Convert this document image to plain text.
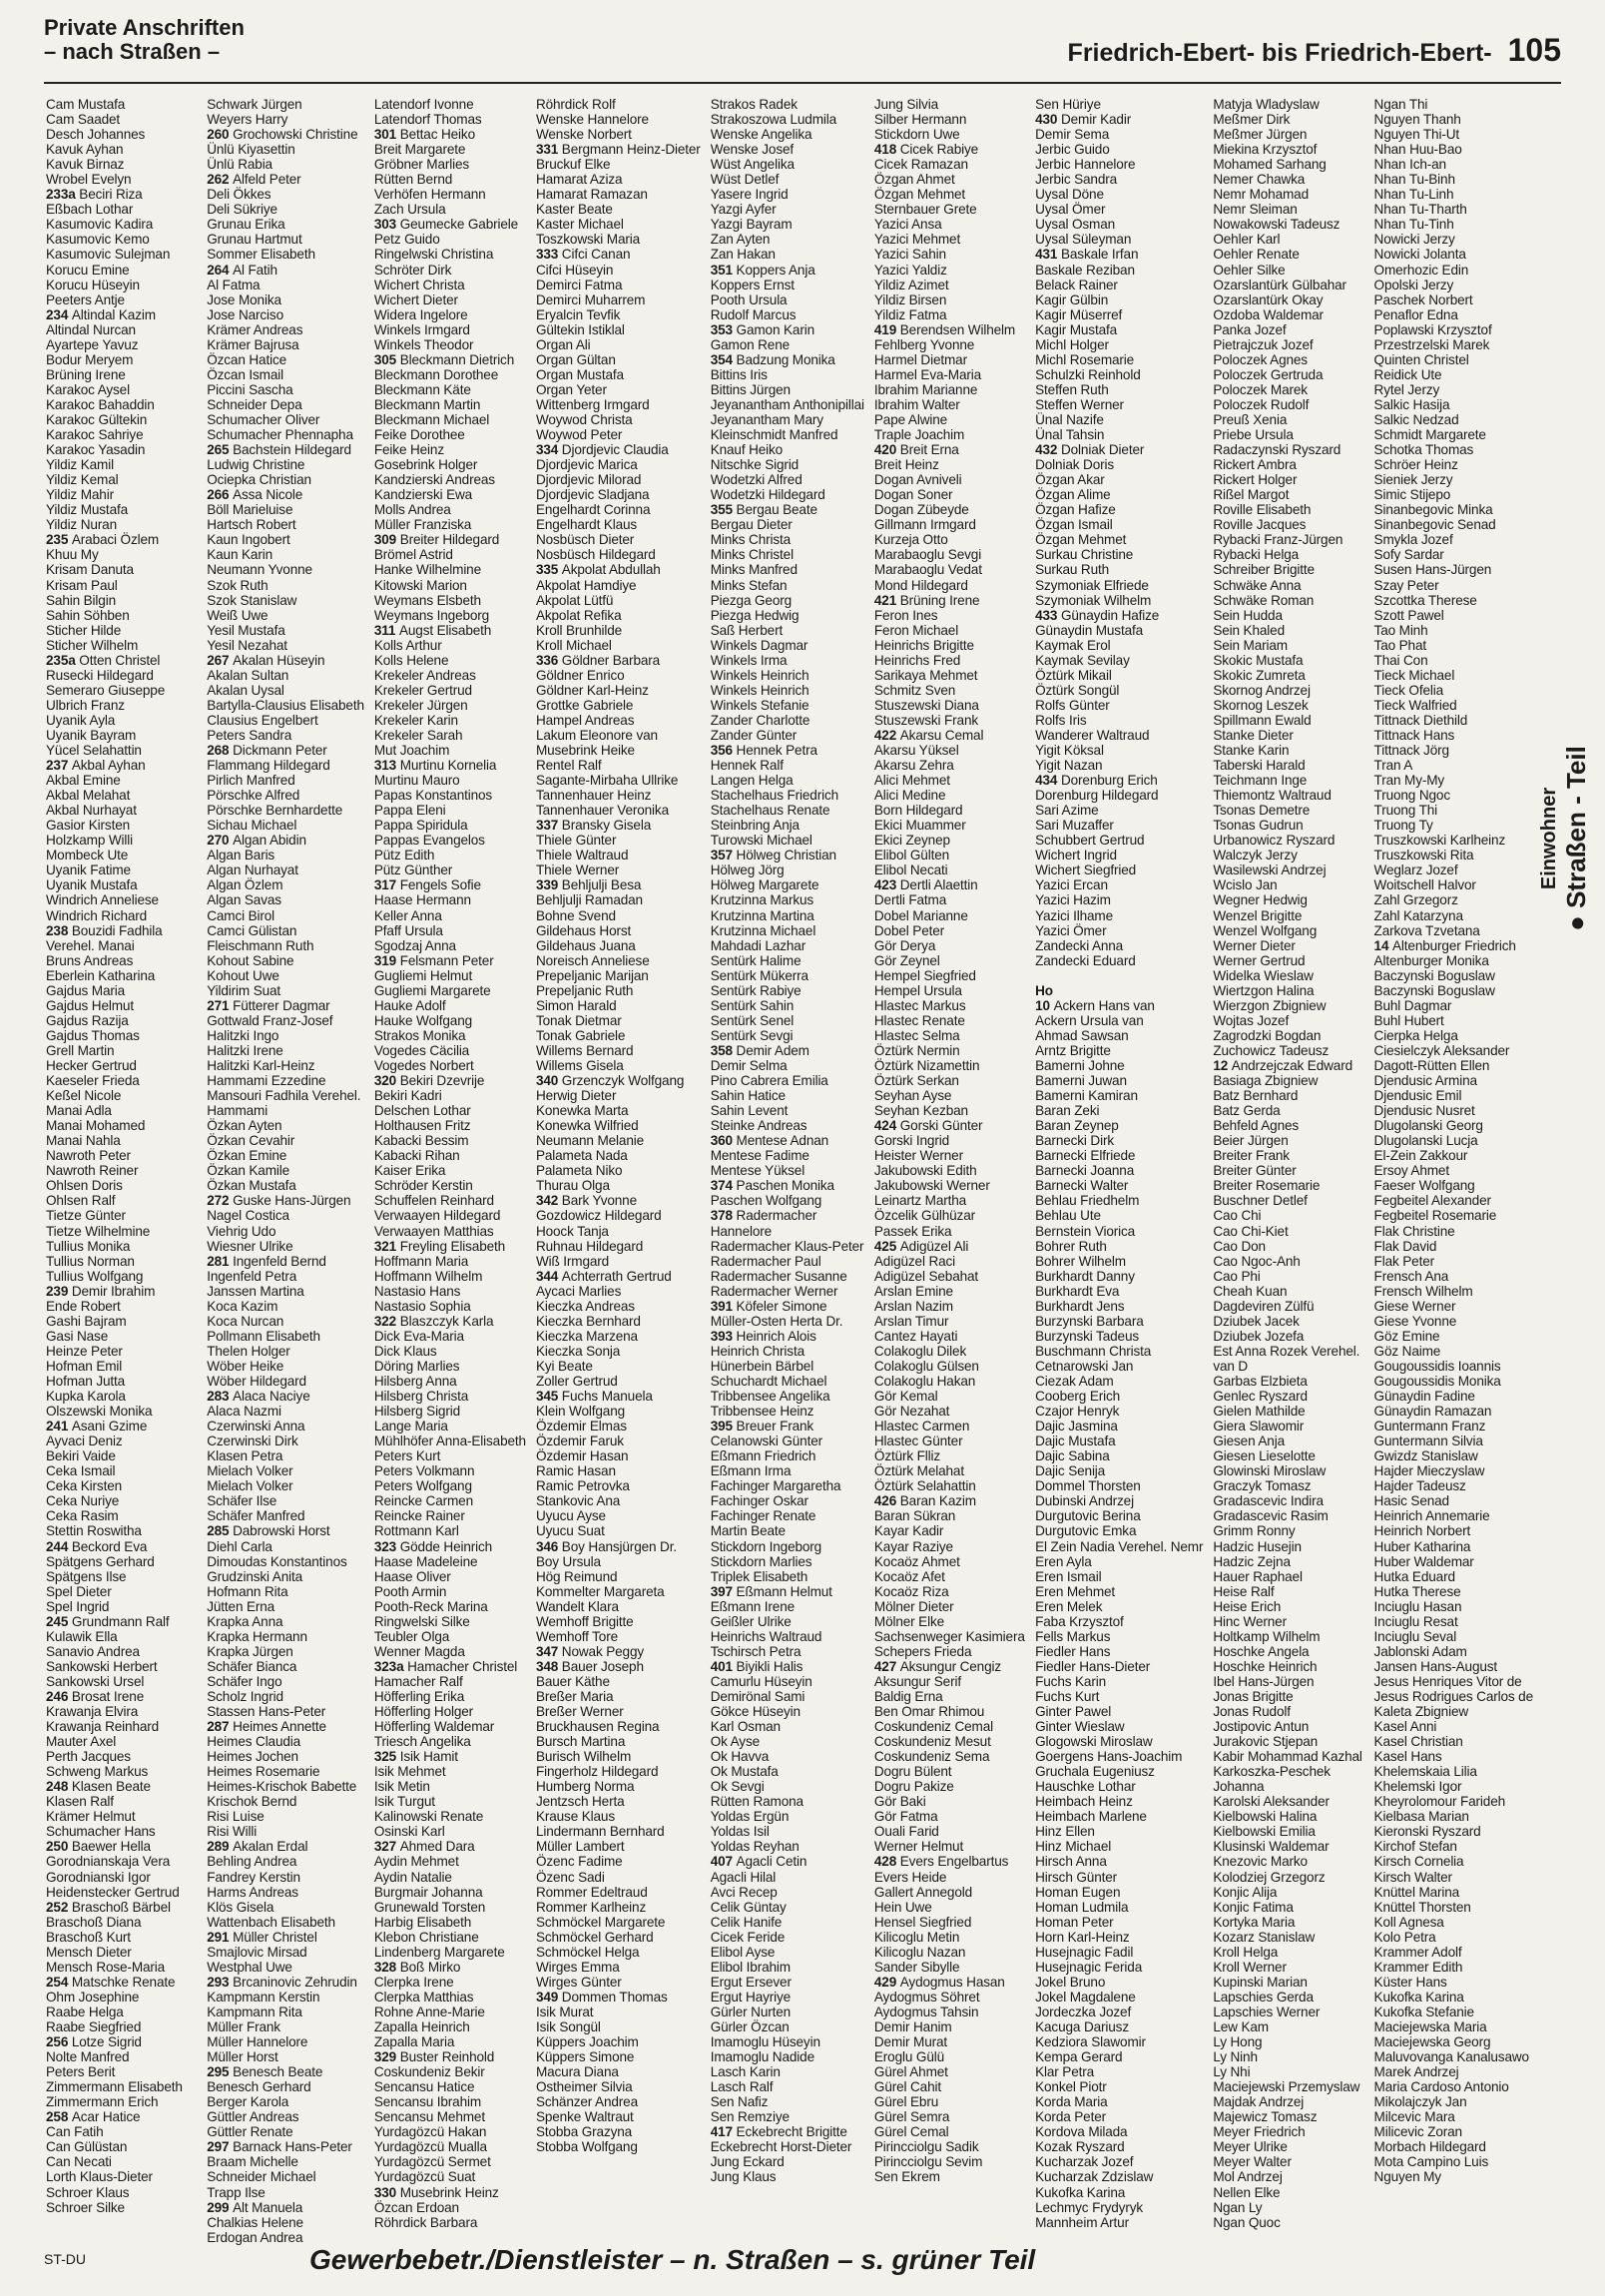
Private Anschriften
– nach Straßen –	Friedrich-Ebert- bis Friedrich-Ebert- 105
Cam Mustafa
Cam Saadet
Desch Johannes
Kavuk Ayhan
Kavuk Birnaz
Wrobel Evelyn
233a Beciri Riza
Eßbach Lothar
Kasumovic Kadira
Kasumovic Kemo
Kasumovic Sulejman
Korucu Emine
Korucu Hüseyin
Peeters Antje
234 Altindal Kazim
Altindal Nurcan
Ayartepe Yavuz
Bodur Meryem
Brüning Irene
Karakoc Aysel
Karakoc Bahaddin
Karakoc Gültekin
Karakoc Sahriye
Karakoc Yasadin
Yildiz Kamil
Yildiz Kemal
Yildiz Mahir
Yildiz Mustafa
Yildiz Nuran
235 Arabaci Özlem
Khuu My
Krisam Danuta
Krisam Paul
Sahin Bilgin
Sahin Söhben
Sticher Hilde
Sticher Wilhelm
235a Otten Christel
Rusecki Hildegard
Semeraro Giuseppe
Ulbrich Franz
Uyanik Ayla
Uyanik Bayram
Yücel Selahattin
237 Akbal Ayhan
Akbal Emine
Akbal Melahat
Akbal Nurhayat
Gasior Kirsten
Holzkamp Willi
Mombeck Ute
Uyanik Fatime
Uyanik Mustafa
Windrich Anneliese
Windrich Richard
238 Bouzidi Fadhila
Verehel. Manai
Bruns Andreas
Eberlein Katharina
Gajdus Maria
Gajdus Helmut
Gajdus Razija
Gajdus Thomas
Grell Martin
Hecker Gertrud
Kaeseler Frieda
Keßel Nicole
Manai Adla
Manai Mohamed
Manai Nahla
Nawroth Peter
Nawroth Reiner
Ohlsen Doris
Ohlsen Ralf
Tietze Günter
Tietze Wilhelmine
Tullius Monika
Tullius Norman
Tullius Wolfgang
239 Demir Ibrahim
Ende Robert
Gashi Bajram
Gasi Nase
Heinze Peter
Hofman Emil
Hofman Jutta
Kupka Karola
Olszewski Monika
241 Asani Gzime
Ayvaci Deniz
Bekiri Vaide
Ceka Ismail
Ceka Kirsten
Ceka Nuriye
Ceka Rasim
Stettin Roswitha
244 Beckord Eva
Spätgens Gerhard
Spätgens Ilse
Spel Dieter
Spel Ingrid
245 Grundmann Ralf
Kulawik Ella
Sanavio Andrea
Sankowski Herbert
Sankowski Ursel
246 Brosat Irene
Krawanja Elvira
Krawanja Reinhard
Mauter Axel
Perth Jacques
Schweng Markus
248 Klasen Beate
Klasen Ralf
Krämer Helmut
Schumacher Hans
250 Baewer Hella
Gorodnianskaja Vera
Gorodnianski Igor
Heidenstecker Gertrud
252 Braschoß Bärbel
Braschoß Diana
Braschoß Kurt
Mensch Dieter
Mensch Rose-Maria
254 Matschke Renate
Ohm Josephine
Raabe Helga
Raabe Siegfried
256 Lotze Sigrid
Nolte Manfred
Peters Berit
Zimmermann Elisabeth
Zimmermann Erich
258 Acar Hatice
Can Fatih
Can Gülüstan
Can Necati
Lorth Klaus-Dieter
Schroer Klaus
Schroer Silke
Schwark Jürgen
Weyers Harry
260 Grochowski Christine
Ünlü Kiyasettin
Ünlü Rabia
262 Alfeld Peter
Deli Ökkes
Deli Sükriye
Grunau Erika
Grunau Hartmut
Sommer Elisabeth
264 Al Fatih
Al Fatma
Jose Monika
Jose Narciso
Krämer Andreas
Krämer Bajrusa
Özcan Hatice
Özcan Ismail
Piccini Sascha
Schneider Depa
Schumacher Oliver
Schumacher Phennapha
265 Bachstein Hildegard
Ludwig Christine
Ociepka Christian
266 Assa Nicole
Böll Marieluise
Hartsch Robert
Kaun Ingobert
Kaun Karin
Neumann Yvonne
Szok Ruth
Szok Stanislaw
Weiß Uwe
Yesil Mustafa
Yesil Nezahat
267 Akalan Hüseyin
Akalan Sultan
Akalan Uysal
Bartylla-Clausius Elisabeth
Clausius Engelbert
Peters Sandra
268 Dickmann Peter
Flammang Hildegard
Pirlich Manfred
Pörschke Alfred
Pörschke Bernhardette
Sichau Michael
270 Algan Abidin
Algan Baris
Algan Nurhayat
Algan Özlem
Algan Savas
Camci Birol
Camci Gülistan
Fleischmann Ruth
Kohout Sabine
Kohout Uwe
Yildirim Suat
271 Fütterer Dagmar
Gottwald Franz-Josef
Halitzki Ingo
Halitzki Irene
Halitzki Karl-Heinz
Hammami Ezzedine
Mansouri Fadhila Verehel.
Hammami
Özkan Ayten
Özkan Cevahir
Özkan Emine
Özkan Kamile
Özkan Mustafa
272 Guske Hans-Jürgen
Nagel Costica
Viehrig Udo
Wiesner Ulrike
281 Ingenfeld Bernd
Ingenfeld Petra
Janssen Martina
Koca Kazim
Koca Nurcan
Pollmann Elisabeth
Thelen Holger
Wöber Heike
Wöber Hildegard
283 Alaca Naciye
Alaca Nazmi
Czerwinski Anna
Czerwinski Dirk
Klasen Petra
Mielach Volker
Mielach Volker
Schäfer Ilse
Schäfer Manfred
285 Dabrowski Horst
Diehl Carla
Dimoudas Konstantinos
Grudzinski Anita
Hofmann Rita
Jütten Erna
Krapka Anna
Krapka Hermann
Krapka Jürgen
Schäfer Bianca
Schäfer Ingo
Scholz Ingrid
Stassen Hans-Peter
287 Heimes Annette
Heimes Claudia
Heimes Jochen
Heimes Rosemarie
Heimes-Krischok Babette
Krischok Bernd
Risi Luise
Risi Willi
289 Akalan Erdal
Behling Andrea
Fandrey Kerstin
Harms Andreas
Klös Gisela
Wattenbach Elisabeth
291 Müller Christel
Smajlovic Mirsad
Westphal Uwe
293 Brcaninovic Zehrudin
Kampmann Kerstin
Kampmann Rita
Müller Frank
Müller Hannelore
Müller Horst
295 Benesch Beate
Benesch Gerhard
Berger Karola
Güttler Andreas
Güttler Renate
297 Barnack Hans-Peter
Braam Michelle
Schneider Michael
Trapp Ilse
299 Alt Manuela
Chalkias Helene
Erdogan Andrea
Latendorf Ivonne
Latendorf Thomas
301 Bettac Heiko
Breit Margarete
Gröbner Marlies
Rütten Bernd
Verhöfen Hermann
Zach Ursula
303 Geumecke Gabriele
Petz Guido
Ringelwski Christina
Schröter Dirk
Wichert Christa
Wichert Dieter
Widera Ingelore
Winkels Irmgard
Winkels Theodor
305 Bleckmann Dietrich
Bleckmann Dorothee
Bleckmann Käte
Bleckmann Martin
Bleckmann Michael
Feike Dorothee
Feike Heinz
Gosebrink Holger
Kandzierski Andreas
Kandzierski Ewa
Molls Andrea
Müller Franziska
309 Breiter Hildegard
Brömel Astrid
Hanke Wilhelmine
Kitowski Marion
Weymans Elsbeth
Weymans Ingeborg
311 Augst Elisabeth
Kolls Arthur
Kolls Helene
Krekeler Andreas
Krekeler Gertrud
Krekeler Jürgen
Krekeler Karin
Krekeler Sarah
Mut Joachim
313 Murtinu Kornelia
Murtinu Mauro
Papas Konstantinos
Pappa Eleni
Pappa Spiridula
Pappas Evangelos
Pütz Edith
Pütz Günther
317 Fengels Sofie
Haase Hermann
Keller Anna
Pfaff Ursula
Sgodzaj Anna
319 Felsmann Peter
Gugliemi Helmut
Gugliemi Margarete
Hauke Adolf
Hauke Wolfgang
Strakos Monika
Vogedes Cäcilia
Vogedes Norbert
320 Bekiri Dzevrije
Bekiri Kadri
Delschen Lothar
Holthausen Fritz
Kabacki Bessim
Kabacki Rihan
Kaiser Erika
Schröder Kerstin
Schuffelen Reinhard
Verwaayen Hildegard
Verwaayen Matthias
321 Freyling Elisabeth
Hoffmann Maria
Hoffmann Wilhelm
Nastasio Hans
Nastasio Sophia
322 Blaszczyk Karla
Dick Eva-Maria
Dick Klaus
Döring Marlies
Hilsberg Anna
Hilsberg Christa
Hilsberg Sigrid
Lange Maria
Mühlhöfer Anna-Elisabeth
Peters Kurt
Peters Volkmann
Peters Wolfgang
Reincke Carmen
Reincke Rainer
Rottmann Karl
323 Gödde Heinrich
Haase Madeleine
Haase Oliver
Pooth Armin
Pooth-Reck Marina
Ringwelski Silke
Teubler Olga
Wenner Magda
323a Hamacher Christel
Hamacher Ralf
Höfferling Erika
Höfferling Holger
Höfferling Waldemar
Triesch Angelika
325 Isik Hamit
Isik Mehmet
Isik Metin
Isik Turgut
Kalinowski Renate
Osinski Karl
327 Ahmed Dara
Aydin Mehmet
Aydin Natalie
Burgmair Johanna
Grunewald Torsten
Harbig Elisabeth
Klebon Christiane
Lindenberg Margarete
328 Boß Mirko
Clerpka Irene
Clerpka Matthias
Rohne Anne-Marie
Zapalla Heinrich
Zapalla Maria
329 Buster Reinhold
Coskundeniz Bekir
Sencansu Hatice
Sencansu Ibrahim
Sencansu Mehmet
Yurdagözcü Hakan
Yurdagözcü Mualla
Yurdagözcü Sermet
Yurdagözcü Suat
330 Musebrink Heinz
Özcan Erdoan
Röhrdick Barbara
Röhrdick Rolf
Wenske Hannelore
Wenske Norbert
331 Bergmann Heinz-Dieter
Bruckuf Elke
Hamarat Aziza
Hamarat Ramazan
Kaster Beate
Kaster Michael
Toszkowski Maria
333 Cifci Canan
Cifci Hüseyin
Demirci Fatma
Demirci Muharrem
Eryalcin Tevfik
Gültekin Istiklal
Organ Ali
Organ Gültan
Organ Mustafa
Organ Yeter
Wittenberg Irmgard
Woywod Christa
Woywod Peter
334 Djordjevic Claudia
Djordjevic Marica
Djordjevic Milorad
Djordjevic Sladjana
Engelhardt Corinna
Engelhardt Klaus
Nosbüsch Dieter
Nosbüsch Hildegard
335 Akpolat Abdullah
Akpolat Hamdiye
Akpolat Lütfü
Akpolat Refika
Kroll Brunhilde
Kroll Michael
336 Göldner Barbara
Göldner Enrico
Göldner Karl-Heinz
Grottke Gabriele
Hampel Andreas
Lakum Eleonore van
Musebrink Heike
Rentel Ralf
Sagante-Mirbaha Ullrike
Tannenhauer Heinz
Tannenhauer Veronika
337 Bransky Gisela
Thiele Günter
Thiele Waltraud
Thiele Werner
339 Behljulji Besa
Behljulji Ramadan
Bohne Svend
Gildehaus Horst
Gildehaus Juana
Noreisch Anneliese
Prepeljanic Marijan
Prepeljanic Ruth
Simon Harald
Tonak Dietmar
Tonak Gabriele
Willems Bernard
Willems Gisela
340 Grzenczyk Wolfgang
Herwig Dieter
Konewka Marta
Konewka Wilfried
Neumann Melanie
Palameta Nada
Palameta Niko
Thurau Olga
342 Bark Yvonne
Gozdowicz Hildegard
Hoock Tanja
Ruhnau Hildegard
Wiß Irmgard
344 Achterrath Gertrud
Aycaci Marlies
Kieczka Andreas
Kieczka Bernhard
Kieczka Marzena
Kieczka Sonja
Kyi Beate
Zoller Gertrud
345 Fuchs Manuela
Klein Wolfgang
Özdemir Elmas
Özdemir Faruk
Özdemir Hasan
Ramic Hasan
Ramic Petrovka
Stankovic Ana
Uyucu Ayse
Uyucu Suat
346 Boy Hansjürgen Dr.
Boy Ursula
Hög Reimund
Kommelter Margareta
Wandelt Klara
Wemhoff Brigitte
Wemhoff Tore
347 Nowak Peggy
348 Bauer Joseph
Bauer Käthe
Breßer Maria
Breßer Werner
Bruckhausen Regina
Bursch Martina
Burisch Wilhelm
Fingerholz Hildegard
Humberg Norma
Jentzsch Herta
Krause Klaus
Lindermann Bernhard
Müller Lambert
Özenc Fadime
Özenc Sadi
Rommer Edeltraud
Rommer Karlheinz
Schmöckel Margarete
Schmöckel Gerhard
Schmöckel Helga
Wirges Emma
Wirges Günter
349 Dommen Thomas
Isik Murat
Isik Songül
Küppers Joachim
Küppers Simone
Macura Diana
Ostheimer Silvia
Schänzer Andrea
Spenke Waltraut
Stobba Grazyna
Stobba Wolfgang
Strakos Radek
Strakoszowa Ludmila
Wenske Angelika
Wenske Josef
Wüst Angelika
Wüst Detlef
Yasere Ingrid
Yazgi Ayfer
Yazgi Bayram
Zan Ayten
Zan Hakan
351 Koppers Anja
Koppers Ernst
Pooth Ursula
Rudolf Marcus
353 Gamon Karin
Gamon Rene
354 Badzung Monika
Bittins Iris
Bittins Jürgen
Jeyanantham Anthonipillai
Jeyanantham Mary
Kleinschmidt Manfred
Knauf Heiko
Nitschke Sigrid
Wodetzki Alfred
Wodetzki Hildegard
355 Bergau Beate
Bergau Dieter
Minks Christa
Minks Christel
Minks Manfred
Minks Stefan
Piezga Georg
Piezga Hedwig
Saß Herbert
Winkels Dagmar
Winkels Irma
Winkels Heinrich
Winkels Heinrich
Winkels Stefanie
Zander Charlotte
Zander Günter
356 Hennek Petra
Hennek Ralf
Langen Helga
Stachelhaus Friedrich
Stachelhaus Renate
Steinbring Anja
Turowski Michael
357 Hölweg Christian
Hölweg Jörg
Hölweg Margarete
Krutzinna Markus
Krutzinna Martina
Krutzinna Michael
Mahdadi Lazhar
Sentürk Halime
Sentürk Mükerra
Sentürk Rabiye
Sentürk Sahin
Sentürk Senel
Sentürk Sevgi
358 Demir Adem
Demir Selma
Pino Cabrera Emilia
Sahin Hatice
Sahin Levent
Steinke Andreas
360 Mentese Adnan
Mentese Fadime
Mentese Yüksel
374 Paschen Monika
Paschen Wolfgang
378 Radermacher
Hannelore
Radermacher Klaus-Peter
Radermacher Paul
Radermacher Susanne
Radermacher Werner
391 Köfeler Simone
Müller-Osten Herta Dr.
393 Heinrich Alois
Heinrich Christa
Hünerbein Bärbel
Schuchardt Michael
Tribbensee Angelika
Tribbensee Heinz
395 Breuer Frank
Celanowski Günter
Eßmann Friedrich
Eßmann Irma
Fachinger Margaretha
Fachinger Oskar
Fachinger Renate
Martin Beate
Stickdorn Ingeborg
Stickdorn Marlies
Triplek Elisabeth
397 Eßmann Helmut
Eßmann Irene
Geißler Ulrike
Heinrichs Waltraud
Tschirsch Petra
401 Biyikli Halis
Camurlu Hüseyin
Demirönal Sami
Gökce Hüseyin
Karl Osman
Ok Ayse
Ok Havva
Ok Mustafa
Ok Sevgi
Rütten Ramona
Yoldas Ergün
Yoldas Isil
Yoldas Reyhan
407 Agacli Cetin
Agacli Hilal
Avci Recep
Celik Güntay
Celik Hanife
Cicek Feride
Elibol Ayse
Elibol Ibrahim
Ergut Ersever
Ergut Hayriye
Gürler Nurten
Gürler Özcan
Imamoglu Hüseyin
Imamoglu Nadide
Lasch Karin
Lasch Ralf
Sen Nafiz
Sen Remziye
417 Eckebrecht Brigitte
Eckebrecht Horst-Dieter
Jung Eckard
Jung Klaus
Jung Silvia
Silber Hermann
Stickdorn Uwe
418 Cicek Rabiye
Cicek Ramazan
Özgan Ahmet
Özgan Mehmet
Sternbauer Grete
Yazici Ansa
Yazici Mehmet
Yazici Sahin
Yazici Yaldiz
Yildiz Azimet
Yildiz Birsen
Yildiz Fatma
419 Berendsen Wilhelm
Fehlberg Yvonne
Harmel Dietmar
Harmel Eva-Maria
Ibrahim Marianne
Ibrahim Walter
Pape Alwine
Traple Joachim
420 Breit Erna
Breit Heinz
Dogan Avniveli
Dogan Soner
Dogan Zübeyde
Gillmann Irmgard
Kurzeja Otto
Marabaoglu Sevgi
Marabaoglu Vedat
Mond Hildegard
421 Brüning Irene
Feron Ines
Feron Michael
Heinrichs Brigitte
Heinrichs Fred
Sarikaya Mehmet
Schmitz Sven
Stuszewski Diana
Stuszewski Frank
422 Akarsu Cemal
Akarsu Yüksel
Akarsu Zehra
Alici Mehmet
Alici Medine
Born Hildegard
Ekici Muammer
Ekici Zeynep
Elibol Gülten
Elibol Necati
423 Dertli Alaettin
Dertli Fatma
Dobel Marianne
Dobel Peter
Gör Derya
Gör Zeynel
Hempel Siegfried
Hempel Ursula
Hlastec Markus
Hlastec Renate
Hlastec Selma
Öztürk Nermin
Öztürk Nizamettin
Öztürk Serkan
Seyhan Ayse
Seyhan Kezban
424 Gorski Günter
Gorski Ingrid
Heister Werner
Jakubowski Edith
Jakubowski Werner
Leinartz Martha
Özcelik Gülhüzar
Passek Erika
425 Adigüzel Ali
Adigüzel Raci
Adigüzel Sebahat
Arslan Emine
Arslan Nazim
Arslan Timur
Cantez Hayati
Colakoglu Dilek
Colakoglu Gülsen
Colakoglu Hakan
Gör Kemal
Gör Nezahat
Hlastec Carmen
Hlastec Günter
Öztürk Flliz
Öztürk Melahat
Öztürk Selahattin
426 Baran Kazim
Baran Sükran
Kayar Kadir
Kayar Raziye
Kocaöz Ahmet
Kocaöz Afet
Kocaöz Riza
Mölner Dieter
Mölner Elke
Sachsenweger Kasimiera
Schepers Frieda
427 Aksungur Cengiz
Aksungur Serif
Baldig Erna
Ben Omar Rhimou
Coskundeniz Cemal
Coskundeniz Mesut
Coskundeniz Sema
Dogru Bülent
Dogru Pakize
Gör Baki
Gör Fatma
Ouali Farid
Werner Helmut
428 Evers Engelbartus
Evers Heide
Gallert Annegold
Hein Uwe
Hensel Siegfried
Kilicoglu Metin
Kilicoglu Nazan
Sander Sibylle
429 Aydogmus Hasan
Aydogmus Söhret
Aydogmus Tahsin
Demir Hanim
Demir Murat
Eroglu Gülü
Gürel Ahmet
Gürel Cahit
Gürel Ebru
Gürel Semra
Gürel Cemal
Pirincciolgu Sadik
Pirincciolgu Sevim
Sen Ekrem
Sen Hüriye
430 Demir Kadir
Demir Sema
Jerbic Guido
Jerbic Hannelore
Jerbic Sandra
Uysal Döne
Uysal Ömer
Uysal Osman
Uysal Süleyman
431 Baskale Irfan
Baskale Reziban
Belack Rainer
Kagir Gülbin
Kagir Müserref
Kagir Mustafa
Michl Holger
Michl Rosemarie
Schulzki Reinhold
Steffen Ruth
Steffen Werner
Ünal Nazife
Ünal Tahsin
432 Dolniak Dieter
Dolniak Doris
Özgan Akar
Özgan Alime
Özgan Hafize
Özgan Ismail
Özgan Mehmet
Surkau Christine
Surkau Ruth
Szymoniak Elfriede
Szymoniak Wilhelm
433 Günaydin Hafize
Günaydin Mustafa
Kaymak Erol
Kaymak Sevilay
Öztürk Mikail
Öztürk Songül
Rolfs Günter
Rolfs Iris
Wanderer Waltraud
Yigit Köksal
Yigit Nazan
434 Dorenburg Erich
Dorenburg Hildegard
Sari Azime
Sari Muzaffer
Schubbert Gertrud
Wichert Ingrid
Wichert Siegfried
Yazici Ercan
Yazici Hazim
Yazici Ilhame
Yazici Ömer
Zandecki Anna
Zandecki Eduard

Ho
10 Ackern Hans van
Ackern Ursula van
Ahmad Sawsan
Arntz Brigitte
Bamerni Johne
Bamerni Juwan
Bamerni Kamiran
Baran Zeki
Baran Zeynep
Barnecki Dirk
Barnecki Elfriede
Barnecki Joanna
Barnecki Walter
Behlau Friedhelm
Behlau Ute
Bernstein Viorica
Bohrer Ruth
Bohrer Wilhelm
Burkhardt Danny
Burkhardt Eva
Burkhardt Jens
Burzynski Barbara
Burzynski Tadeus
Buschmann Christa
Cetnarowski Jan
Ciezak Adam
Cooberg Erich
Czajor Henryk
Dajic Jasmina
Dajic Mustafa
Dajic Sabina
Dajic Senija
Dommel Thorsten
Dubinski Andrzej
Durgutovic Berina
Durgutovic Emka
El Zein Nadia Verehel. Nemr
Eren Ayla
Eren Ismail
Eren Mehmet
Eren Melek
Faba Krzysztof
Fells Markus
Fiedler Hans
Fiedler Hans-Dieter
Fuchs Karin
Fuchs Kurt
Ginter Pawel
Ginter Wieslaw
Glogowski Miroslaw
Goergens Hans-Joachim
Gruchala Eugeniusz
Hauschke Lothar
Heimbach Heinz
Heimbach Marlene
Hinz Ellen
Hinz Michael
Hirsch Anna
Hirsch Günter
Homan Eugen
Homan Ludmila
Homan Peter
Horn Karl-Heinz
Husejnagic Fadil
Husejnagic Ferida
Jokel Bruno
Jokel Magdalene
Jordeczka Jozef
Kacuga Dariusz
Kedziora Slawomir
Kempa Gerard
Klar Petra
Konkel Piotr
Korda Maria
Korda Peter
Kordova Milada
Kozak Ryszard
Kucharzak Jozef
Kucharzak Zdzislaw
Kukofka Karina
Lechmyc Frydyryk
Mannheim Artur
Matyja Wladyslaw
Meßmer Dirk
Meßmer Jürgen
Miekina Krzysztof
Mohamed Sarhang
Nemer Chawka
Nemr Mohamad
Nemr Sleiman
Nowakowski Tadeusz
Oehler Karl
Oehler Renate
Oehler Silke
Ozarslantürk Gülbahar
Ozarslantürk Okay
Ozdoba Waldemar
Panka Jozef
Pietrajczuk Jozef
Poloczek Agnes
Poloczek Gertruda
Poloczek Marek
Poloczek Rudolf
Preuß Xenia
Priebe Ursula
Radaczynski Ryszard
Rickert Ambra
Rickert Holger
Rißel Margot
Roville Elisabeth
Roville Jacques
Rybacki Franz-Jürgen
Rybacki Helga
Schreiber Brigitte
Schwäke Anna
Schwäke Roman
Sein Hudda
Sein Khaled
Sein Mariam
Skokic Mustafa
Skokic Zumreta
Skornog Andrzej
Skornog Leszek
Spillmann Ewald
Stanke Dieter
Stanke Karin
Taberski Harald
Teichmann Inge
Thiemontz Waltraud
Tsonas Demetre
Tsonas Gudrun
Urbanowicz Ryszard
Walczyk Jerzy
Wasilewski Andrzej
Wcislo Jan
Wegner Hedwig
Wenzel Brigitte
Wenzel Wolfgang
Werner Dieter
Werner Gertrud
Widelka Wieslaw
Wiertzgon Halina
Wierzgon Zbigniew
Wojtas Jozef
Zagrodzki Bogdan
Zuchowicz Tadeusz
12 Andrzejczak Edward
Basiaga Zbigniew
Batz Bernhard
Batz Gerda
Behfeld Agnes
Beier Jürgen
Breiter Frank
Breiter Günter
Breiter Rosemarie
Buschner Detlef
Cao Chi
Cao Chi-Kiet
Cao Don
Cao Ngoc-Anh
Cao Phi
Cheah Kuan
Dagdeviren Zülfü
Dziubek Jacek
Dziubek Jozefa
Est Anna Rozek Verehel.
van D
Garbas Elzbieta
Genlec Ryszard
Gielen Mathilde
Giera Slawomir
Giesen Anja
Giesen Lieselotte
Glowinski Miroslaw
Graczyk Tomasz
Gradascevic Indira
Gradascevic Rasim
Grimm Ronny
Hadzic Husejin
Hadzic Zejna
Hauer Raphael
Heise Ralf
Heise Erich
Hinc Werner
Holtkamp Wilhelm
Hoschke Angela
Hoschke Heinrich
Ibel Hans-Jürgen
Jonas Brigitte
Jonas Rudolf
Jostipovic Antun
Jurakovic Stjepan
Kabir Mohammad Kazhal
Karkoszka-Peschek
Johanna
Karolski Aleksander
Kielbowski Halina
Kielbowski Emilia
Klusinski Waldemar
Knezovic Marko
Kolodziej Grzegorz
Konjic Alija
Konjic Fatima
Kortyka Maria
Kozarz Stanislaw
Kroll Helga
Kroll Werner
Kupinski Marian
Lapschies Gerda
Lapschies Werner
Lew Kam
Ly Hong
Ly Ninh
Ly Nhi
Maciejewski Przemyslaw
Majdak Andrzej
Majewicz Tomasz
Meyer Friedrich
Meyer Ulrike
Meyer Walter
Mol Andrzej
Nellen Elke
Ngan Ly
Ngan Quoc
Ngan Thi
Nguyen Thanh
Nguyen Thi-Ut
Nhan Huu-Bao
Nhan Ich-an
Nhan Tu-Binh
Nhan Tu-Linh
Nhan Tu-Tharth
Nhan Tu-Tinh
Nowicki Jerzy
Nowicki Jolanta
Omerhozic Edin
Opolski Jerzy
Paschek Norbert
Penaflor Edna
Poplawski Krzysztof
Przestrzelski Marek
Quinten Christel
Reidick Ute
Rytel Jerzy
Salkic Hasija
Salkic Nedzad
Schmidt Margarete
Schotka Thomas
Schröer Heinz
Sieniek Jerzy
Simic Stijepo
Sinanbegovic Minka
Sinanbegovic Senad
Smykla Jozef
Sofy Sardar
Susen Hans-Jürgen
Szay Peter
Szcottka Therese
Szott Pawel
Tao Minh
Tao Phat
Thai Con
Tieck Michael
Tieck Ofelia
Tieck Walfried
Tittnack Diethild
Tittnack Hans
Tittnack Jörg
Tran A
Tran My-My
Truong Ngoc
Truong Thi
Truong Ty
Truszkowski Karlheinz
Truszkowski Rita
Weglarz Jozef
Woitschell Halvor
Zahl Grzegorz
Zahl Katarzyna
Zarkova Tzvetana
14 Altenburger Friedrich
Altenburger Monika
Baczynski Boguslaw
Baczynski Boguslaw
Buhl Dagmar
Buhl Hubert
Cierpka Helga
Ciesielczyk Aleksander
Dagott-Rütten Ellen
Djendusic Armina
Djendusic Emil
Djendusic Nusret
Dlugolanski Georg
Dlugolanski Lucja
El-Zein Zakkour
Ersoy Ahmet
Faeser Wolfgang
Fegbeitel Alexander
Fegbeitel Rosemarie
Flak Christine
Flak David
Flak Peter
Frensch Ana
Frensch Wilhelm
Giese Werner
Giese Yvonne
Göz Emine
Göz Naime
Gougoussidis Ioannis
Gougoussidis Monika
Günaydin Fadine
Günaydin Ramazan
Guntermann Franz
Guntermann Silvia
Gwizdz Stanislaw
Hajder Mieczyslaw
Hajder Tadeusz
Hasic Senad
Heinrich Annemarie
Heinrich Norbert
Huber Katharina
Huber Waldemar
Hutka Eduard
Hutka Therese
Inciuglu Hasan
Inciuglu Resat
Inciuglu Seval
Jablonski Adam
Jansen Hans-August
Jesus Henriques Vitor de
Jesus Rodrigues Carlos de
Kaleta Zbigniew
Kasel Anni
Kasel Christian
Kasel Hans
Khelemskaia Lilia
Khelemski Igor
Kheyrolomour Farideh
Kielbasa Marian
Kieronski Ryszard
Kirchof Stefan
Kirsch Cornelia
Kirsch Walter
Knüttel Marina
Knüttel Thorsten
Koll Agnesa
Kolo Petra
Krammer Adolf
Krammer Edith
Küster Hans
Kukofka Karina
Kukofka Stefanie
Maciejewska Maria
Maciejewska Georg
Maluvovanga Kanalusawo
Marek Andrzej
Maria Cardoso Antonio
Mikolajczyk Jan
Milcevic Mara
Milicevic Zoran
Morbach Hildegard
Mota Campino Luis
Nguyen My
Einwohner ● Straßen - Teil
ST-DU	Gewerbebetr./Dienstleister – n. Straßen – s. grüner Teil
